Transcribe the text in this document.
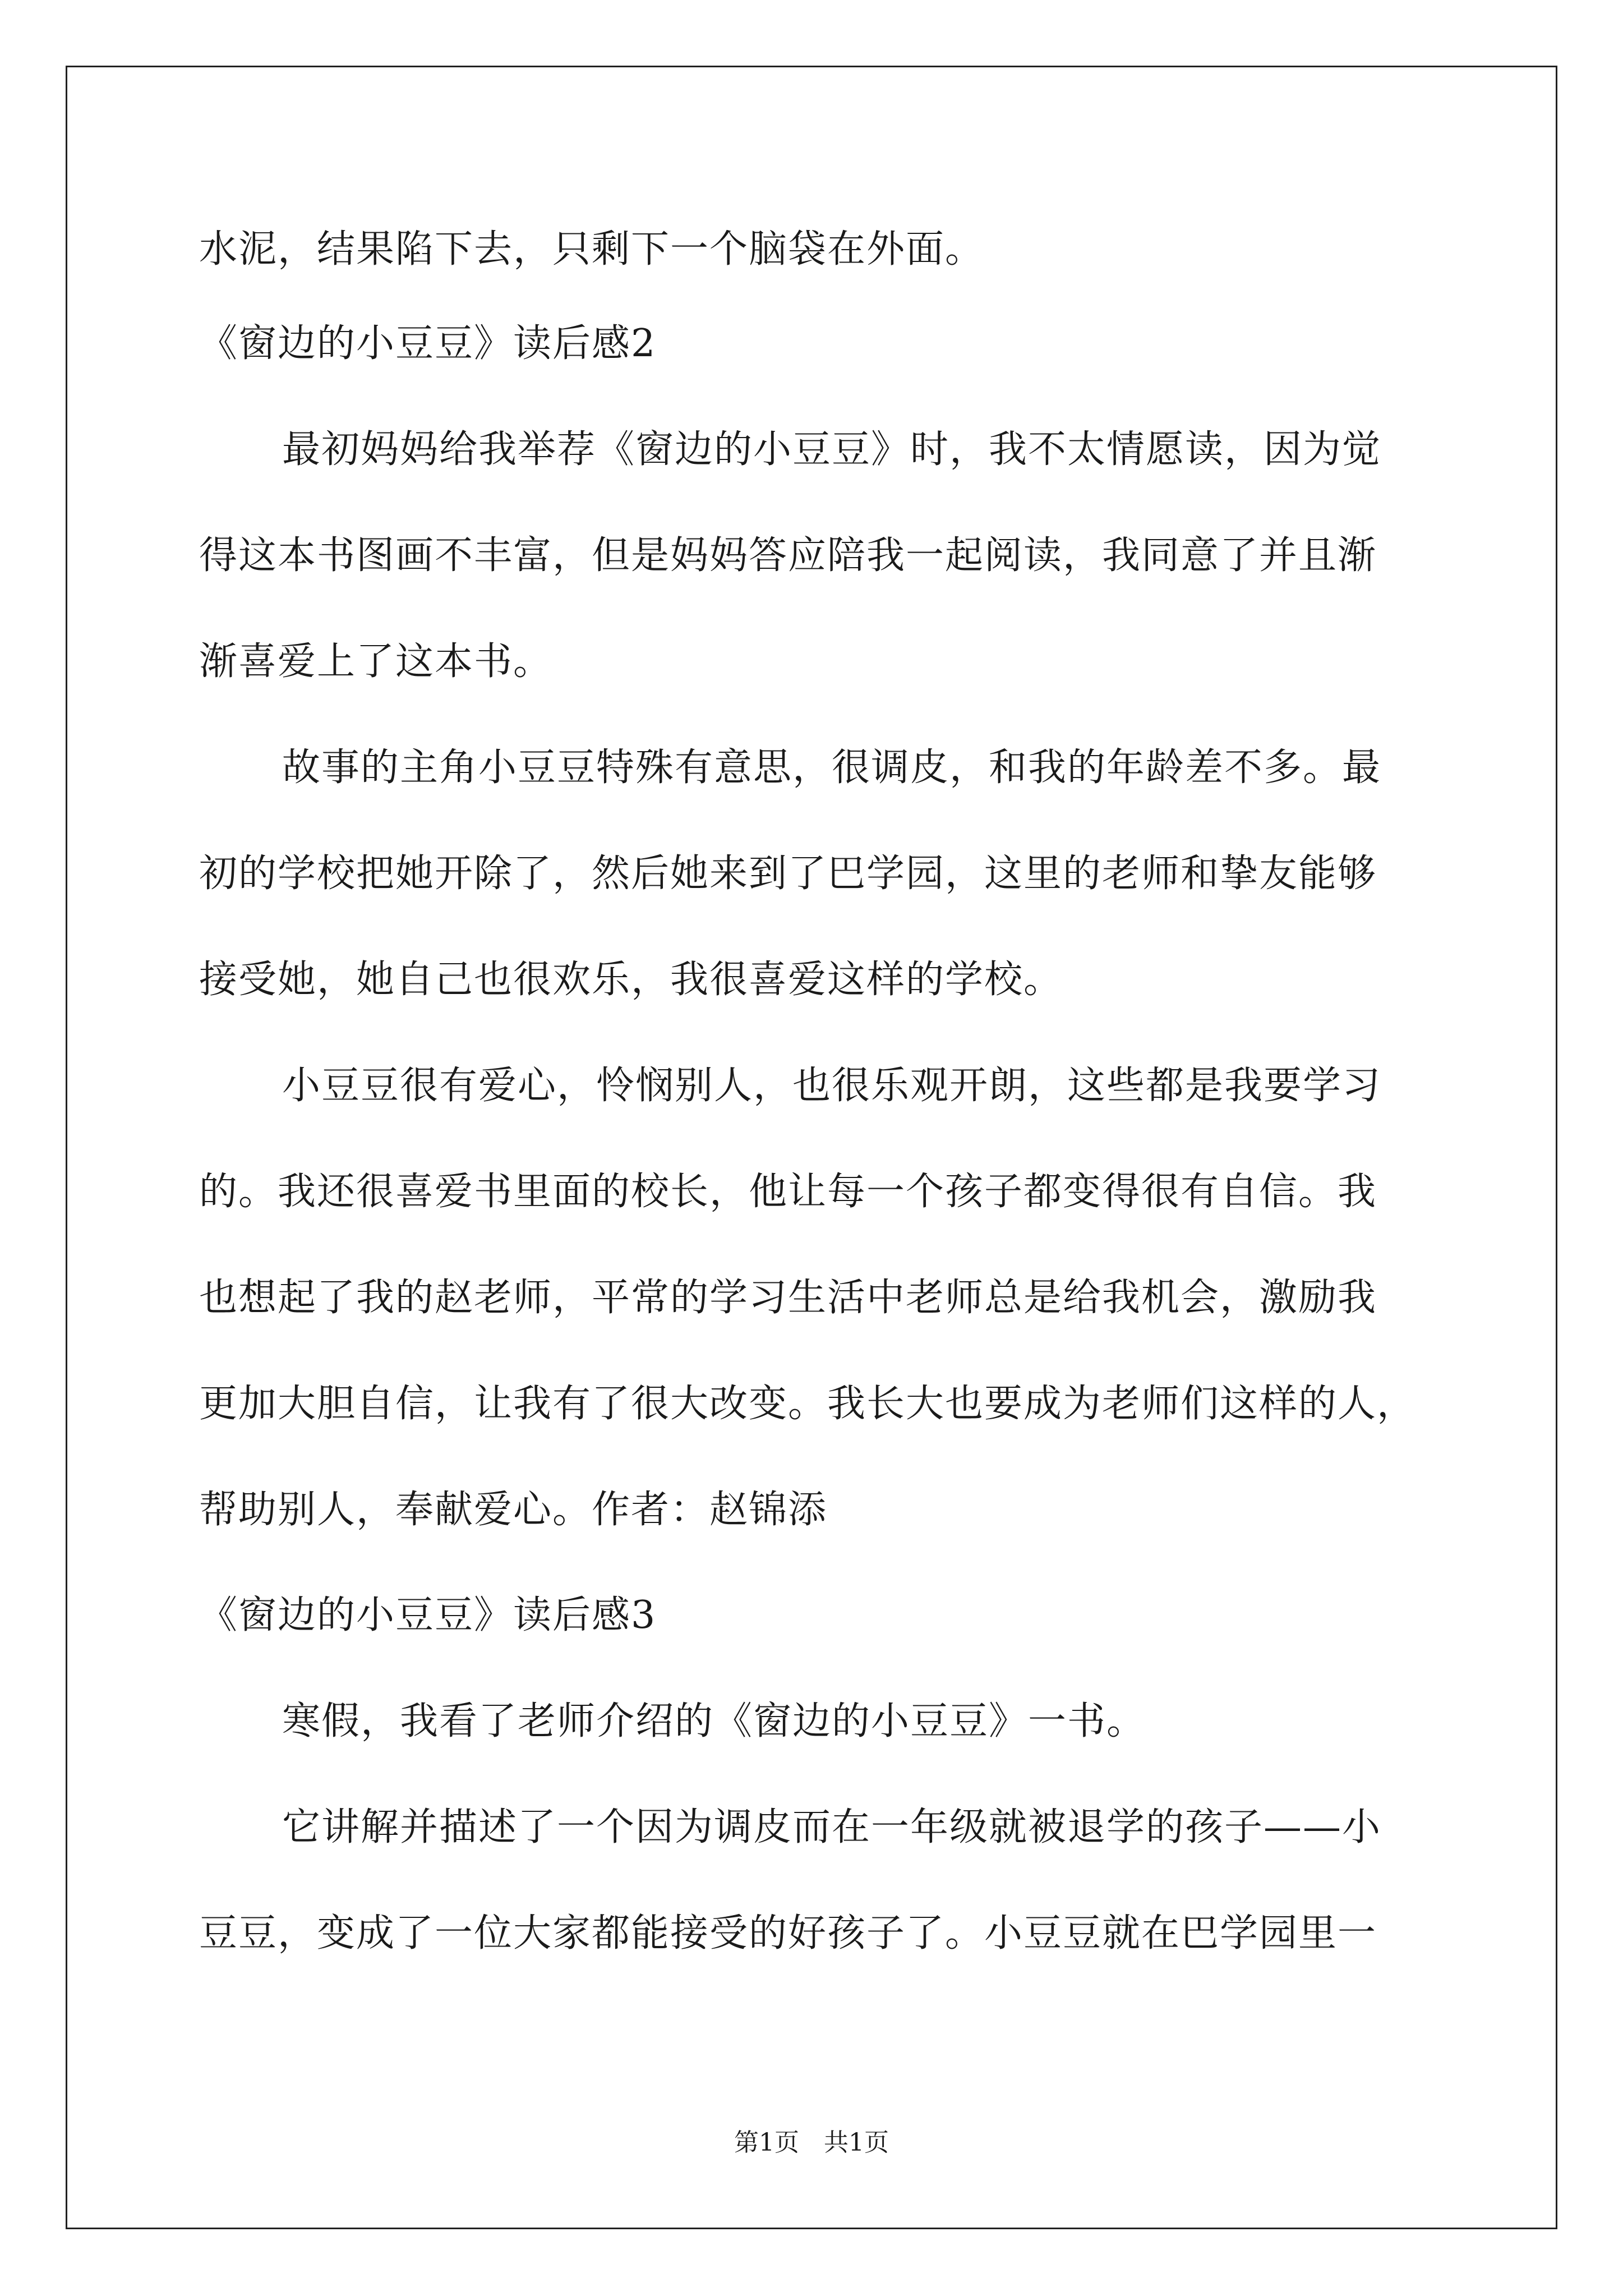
水泥，结果陷下去，只剩下一个脑袋在外面。
《窗边的小豆豆》读后感2
最初妈妈给我举荐《窗边的小豆豆》时，我不太情愿读，因为觉
得这本书图画不丰富，但是妈妈答应陪我一起阅读，我同意了并且渐
渐喜爱上了这本书。
故事的主角小豆豆特殊有意思，很调皮，和我的年龄差不多。最
初的学校把她开除了，然后她来到了巴学园，这里的老师和挚友能够
接受她，她自己也很欢乐，我很喜爱这样的学校。
小豆豆很有爱心，怜悯别人，也很乐观开朗，这些都是我要学习
的。我还很喜爱书里面的校长，他让每一个孩子都变得很有自信。我
也想起了我的赵老师，平常的学习生活中老师总是给我机会，激励我
更加大胆自信，让我有了很大改变。我长大也要成为老师们这样的人，
帮助别人，奉献爱心。作者：赵锦添
《窗边的小豆豆》读后感3
寒假，我看了老师介绍的《窗边的小豆豆》一书。
它讲解并描述了一个因为调皮而在一年级就被退学的孩子——小
豆豆，变成了一位大家都能接受的好孩子了。小豆豆就在巴学园里一
第1页　共1页
